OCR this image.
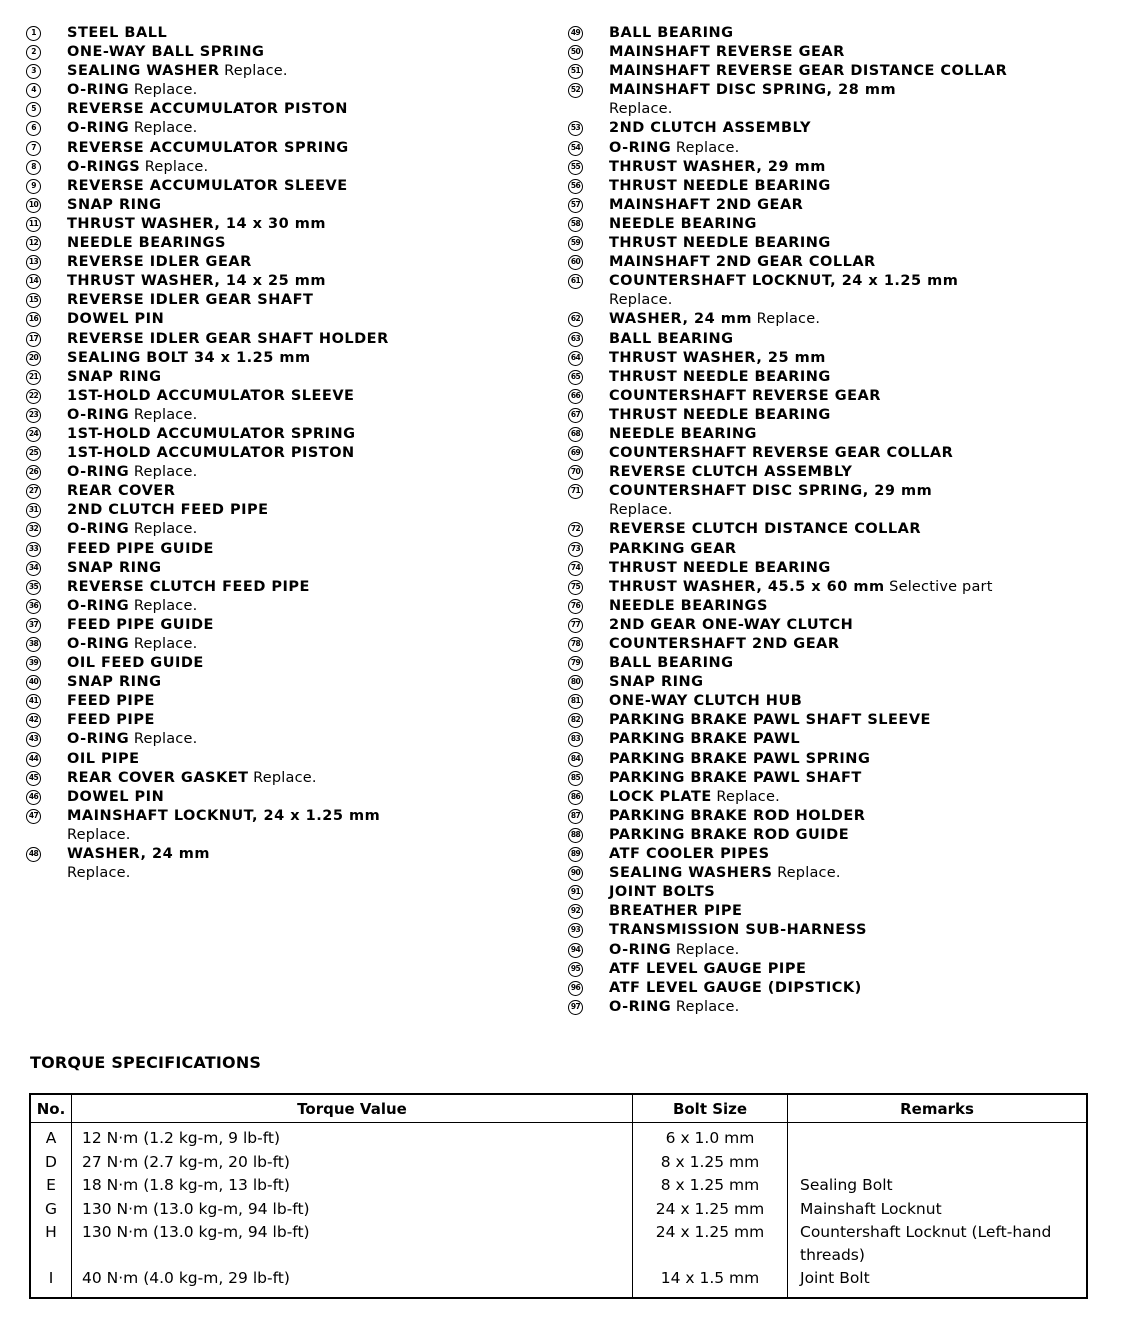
1	STEEL BALL
2	ONE-WAY BALL SPRING
3	SEALING WASHER Replace.
4	O-RING Replace.
5	REVERSE ACCUMULATOR PISTON
6	O-RING Replace.
7	REVERSE ACCUMULATOR SPRING
8	O-RINGS Replace.
9	REVERSE ACCUMULATOR SLEEVE
10 SNAP RING
11 THRUST WASHER, 14 x 30 mm
12 NEEDLE BEARINGS
13 REVERSE IDLER GEAR
14 THRUST WASHER, 14 x 25 mm
15 REVERSE IDLER GEAR SHAFT
16 DOWEL PIN
17 REVERSE IDLER GEAR SHAFT HOLDER
20 SEALING BOLT 34 x 1.25 mm
21 SNAP RING
22 1ST-HOLD ACCUMULATOR SLEEVE
23 O-RING Replace.
24 1ST-HOLD ACCUMULATOR SPRING
25 1ST-HOLD ACCUMULATOR PISTON
26 O-RING Replace.
27 REAR COVER
31 2ND CLUTCH FEED PIPE
32 O-RING Replace.
33 FEED PIPE GUIDE
34 SNAP RING
35 REVERSE CLUTCH FEED PIPE
36 O-RING Replace.
37 FEED PIPE GUIDE
38 O-RING Replace.
39 OIL FEED GUIDE
40 SNAP RING
41 FEED PIPE
42 FEED PIPE
43 O-RING Replace.
44 OIL PIPE
45 REAR COVER GASKET Replace.
46 DOWEL PIN
47 MAINSHAFT LOCKNUT, 24 x 1.25 mm
Replace.
48 WASHER, 24 mm
Replace.
49 BALL BEARING
50 MAINSHAFT REVERSE GEAR
51 MAINSHAFT REVERSE GEAR DISTANCE COLLAR
52 MAINSHAFT DISC SPRING, 28 mm
Replace.
53 2ND CLUTCH ASSEMBLY
54 O-RING Replace.
55 THRUST WASHER, 29 mm
56 THRUST NEEDLE BEARING
57 MAINSHAFT 2ND GEAR
58 NEEDLE BEARING
59 THRUST NEEDLE BEARING
60 MAINSHAFT 2ND GEAR COLLAR
61 COUNTERSHAFT LOCKNUT, 24 x 1.25 mm
Replace.
62 WASHER, 24 mm Replace.
63 BALL BEARING
64 THRUST WASHER, 25 mm
65 THRUST NEEDLE BEARING
66 COUNTERSHAFT REVERSE GEAR
67 THRUST NEEDLE BEARING
68 NEEDLE BEARING
69 COUNTERSHAFT REVERSE GEAR COLLAR
70 REVERSE CLUTCH ASSEMBLY
71 COUNTERSHAFT DISC SPRING, 29 mm
Replace.
72 REVERSE CLUTCH DISTANCE COLLAR
73 PARKING GEAR
74 THRUST NEEDLE BEARING
75 THRUST WASHER, 45.5 x 60 mm Selective part
76 NEEDLE BEARINGS
77 2ND GEAR ONE-WAY CLUTCH
78 COUNTERSHAFT 2ND GEAR
79 BALL BEARING
80 SNAP RING
81 ONE-WAY CLUTCH HUB
82 PARKING BRAKE PAWL SHAFT SLEEVE
83 PARKING BRAKE PAWL
84 PARKING BRAKE PAWL SPRING
85 PARKING BRAKE PAWL SHAFT
86 LOCK PLATE Replace.
87 PARKING BRAKE ROD HOLDER
88 PARKING BRAKE ROD GUIDE
89 ATF COOLER PIPES
90 SEALING WASHERS Replace.
91 JOINT BOLTS
92 BREATHER PIPE
93 TRANSMISSION SUB-HARNESS
94 O-RING Replace.
95 ATF LEVEL GAUGE PIPE
96 ATF LEVEL GAUGE (DIPSTICK)
97 O-RING Replace.
TORQUE SPECIFICATIONS
No.	Torque Value	Bolt Size	Remarks
A	12 N·m (1.2 kg-m, 9 lb-ft)	6 x 1.0 mm	
D	27 N·m (2.7 kg-m, 20 lb-ft)	8 x 1.25 mm	
E	18 N·m (1.8 kg-m, 13 lb-ft)	8 x 1.25 mm	Sealing Bolt
G	130 N·m (13.0 kg-m, 94 lb-ft)	24 x 1.25 mm	Mainshaft Locknut
H	130 N·m (13.0 kg-m, 94 lb-ft)	24 x 1.25 mm	Countershaft Locknut (Left-hand threads)
I	40 N·m (4.0 kg-m, 29 lb-ft)	14 x 1.5 mm	Joint Bolt
